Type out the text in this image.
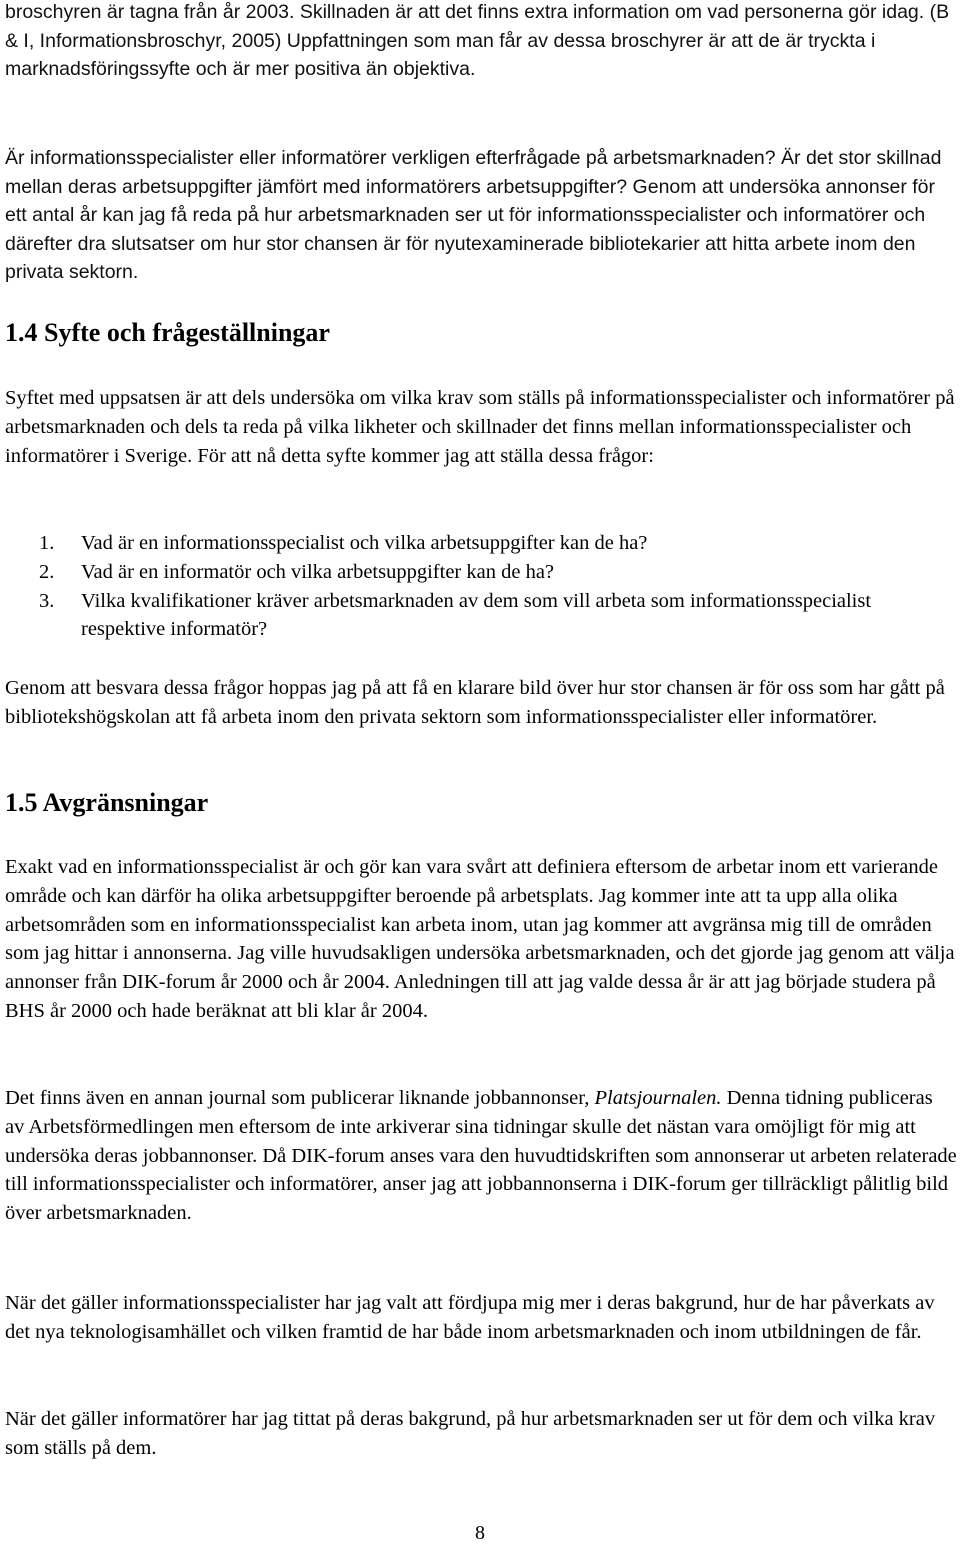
broschyren är tagna från år 2003. Skillnaden är att det finns extra information om vad personerna gör idag. (B & I, Informationsbroschyr, 2005) Uppfattningen som man får av dessa broschyrer är att de är tryckta i marknadsföringssyfte och är mer positiva än objektiva.

Är informationsspecialister eller informatörer verkligen efterfrågade på arbetsmarknaden? Är det stor skillnad mellan deras arbetsuppgifter jämfört med informatörers arbetsuppgifter? Genom att undersöka annonser för ett antal år kan jag få reda på hur arbetsmarknaden ser ut för informationsspecialister och informatörer och därefter dra slutsatser om hur stor chansen är för nyutexaminerade bibliotekarier att hitta arbete inom den privata sektorn.

1.4 Syfte och frågeställningar

Syftet med uppsatsen är att dels undersöka om vilka krav som ställs på informationsspecialister och informatörer på arbetsmarknaden och dels ta reda på vilka likheter och skillnader det finns mellan informationsspecialister och informatörer i Sverige. För att nå detta syfte kommer jag att ställa dessa frågor:

1.	Vad är en informationsspecialist och vilka arbetsuppgifter kan de ha?
2.	Vad är en informatör och vilka arbetsuppgifter kan de ha?
3.	Vilka kvalifikationer kräver arbetsmarknaden av dem som vill arbeta som informationsspecialist respektive informatör?

Genom att besvara dessa frågor hoppas jag på att få en klarare bild över hur stor chansen är för oss som har gått på bibliotekshögskolan att få arbeta inom den privata sektorn som informationsspecialister eller informatörer.

1.5 Avgränsningar

Exakt vad en informationsspecialist är och gör kan vara svårt att definiera eftersom de arbetar inom ett varierande område och kan därför ha olika arbetsuppgifter beroende på arbetsplats. Jag kommer inte att ta upp alla olika arbetsområden som en informationsspecialist kan arbeta inom, utan jag kommer att avgränsa mig till de områden som jag hittar i annonserna. Jag ville huvudsakligen undersöka arbetsmarknaden, och det gjorde jag genom att välja annonser från DIK-forum år 2000 och år 2004. Anledningen till att jag valde dessa år är att jag började studera på BHS år 2000 och hade beräknat att bli klar år 2004.

Det finns även en annan journal som publicerar liknande jobbannonser, Platsjournalen. Denna tidning publiceras av Arbetsförmedlingen men eftersom de inte arkiverar sina tidningar skulle det nästan vara omöjligt för mig att undersöka deras jobbannonser. Då DIK-forum anses vara den huvudtidskriften som annonserar ut arbeten relaterade till informationsspecialister och informatörer, anser jag att jobbannonserna i DIK-forum ger tillräckligt pålitlig bild över arbetsmarknaden.

När det gäller informationsspecialister har jag valt att fördjupa mig mer i deras bakgrund, hur de har påverkats av det nya teknologisamhället och vilken framtid de har både inom arbetsmarknaden och inom utbildningen de får.

När det gäller informatörer har jag tittat på deras bakgrund, på hur arbetsmarknaden ser ut för dem och vilka krav som ställs på dem.

8
